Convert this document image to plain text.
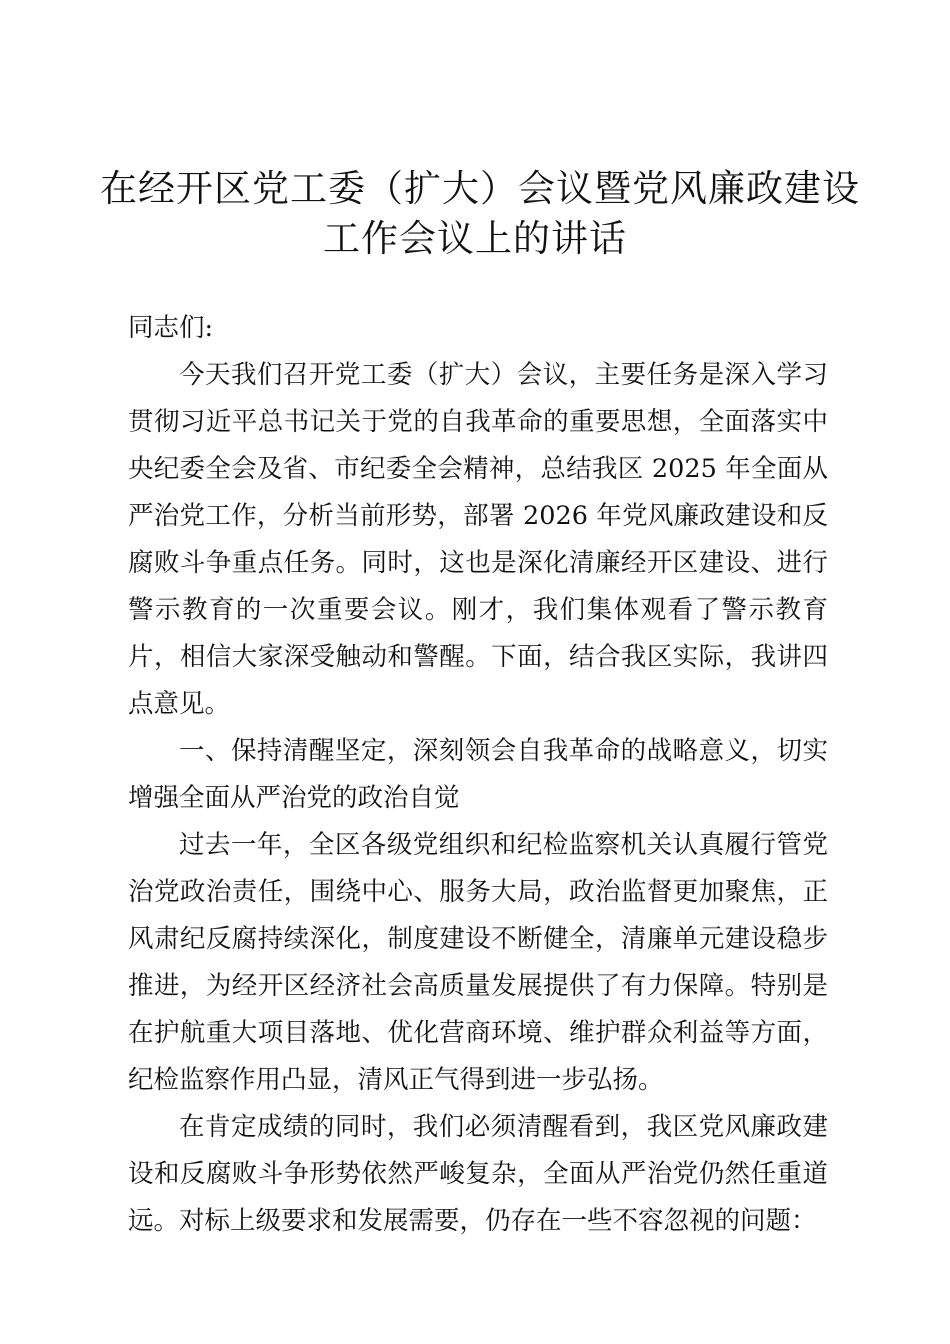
在经开区党工委（扩大）会议暨党风廉政建设
工作会议上的讲话

同志们:

今天我们召开党工委（扩大）会议，主要任务是深入学习贯彻习近平总书记关于党的自我革命的重要思想，全面落实中央纪委全会及省、市纪委全会精神，总结我区 2025 年全面从严治党工作，分析当前形势，部署 2026 年党风廉政建设和反腐败斗争重点任务。同时，这也是深化清廉经开区建设、进行警示教育的一次重要会议。刚才，我们集体观看了警示教育片，相信大家深受触动和警醒。下面，结合我区实际，我讲四点意见。

一、保持清醒坚定，深刻领会自我革命的战略意义，切实增强全面从严治党的政治自觉

过去一年，全区各级党组织和纪检监察机关认真履行管党治党政治责任，围绕中心、服务大局，政治监督更加聚焦，正风肃纪反腐持续深化，制度建设不断健全，清廉单元建设稳步推进，为经开区经济社会高质量发展提供了有力保障。特别是在护航重大项目落地、优化营商环境、维护群众利益等方面，纪检监察作用凸显，清风正气得到进一步弘扬。

在肯定成绩的同时，我们必须清醒看到，我区党风廉政建设和反腐败斗争形势依然严峻复杂，全面从严治党仍然任重道远。对标上级要求和发展需要，仍存在一些不容忽视的问题：
